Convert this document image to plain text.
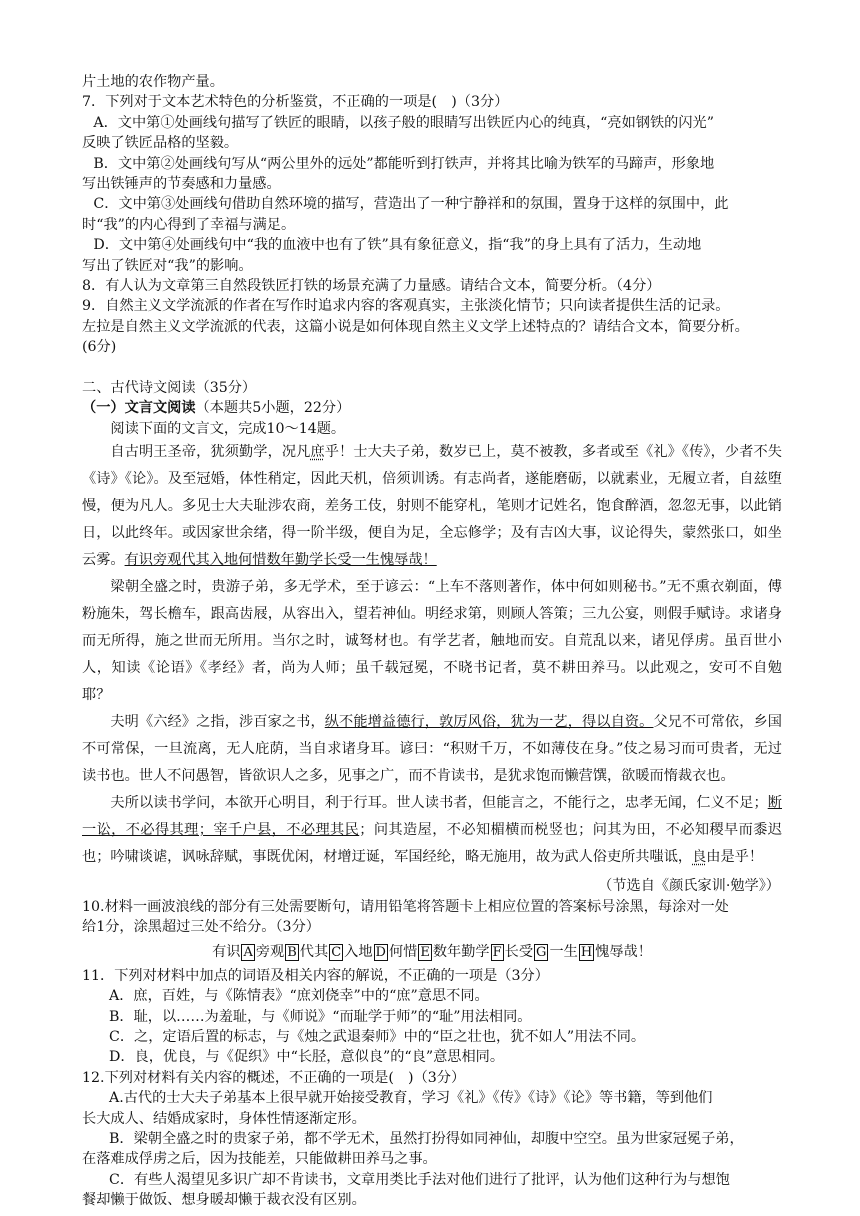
片土地的农作物产量。

7．下列对于文本艺术特色的分析鉴赏，不正确的一项是(　)（3分）

A．文中第①处画线句描写了铁匠的眼睛，以孩子般的眼睛写出铁匠内心的纯真，“亮如钢铁的闪光”

反映了铁匠品格的坚毅。

B．文中第②处画线句写从“两公里外的远处”都能听到打铁声，并将其比喻为铁军的马蹄声，形象地

写出铁锤声的节奏感和力量感。

C．文中第③处画线句借助自然环境的描写，营造出了一种宁静祥和的氛围，置身于这样的氛围中，此

时“我”的内心得到了幸福与满足。

D．文中第④处画线句中“我的血液中也有了铁”具有象征意义，指“我”的身上具有了活力，生动地

写出了铁匠对“我”的影响。

8．有人认为文章第三自然段铁匠打铁的场景充满了力量感。请结合文本，简要分析。（4分）

9．自然主义文学流派的作者在写作时追求内容的客观真实，主张淡化情节；只向读者提供生活的记录。

左拉是自然主义文学流派的代表，这篇小说是如何体现自然主义文学上述特点的？请结合文本，简要分析。

(6分)

二、古代诗文阅读（35分）

（一）文言文阅读（本题共5小题，22分）

阅读下面的文言文，完成10～14题。

自古明王圣帝，犹须勤学，况凡庶乎！士大夫子弟，数岁已上，莫不被教，多者或至《礼》《传》，少者不失《诗》《论》。及至冠婚，体性稍定，因此天机，倍须训诱。有志尚者，遂能磨砺，以就素业，无履立者，自兹堕慢，便为凡人。多见士大夫耻涉农商，差务工伎，射则不能穿札，笔则才记姓名，饱食醉酒，忽忽无事，以此销日，以此终年。或因家世余绪，得一阶半级，便自为足，全忘修学；及有吉凶大事，议论得失，蒙然张口，如坐云雾。有识旁观代其入地何惜数年勤学长受一生愧辱哉！

梁朝全盛之时，贵游子弟，多无学术，至于谚云：“上车不落则著作，体中何如则秘书。”无不熏衣剃面，傅粉施朱，驾长檐车，跟高齿屐，从容出入，望若神仙。明经求第，则顾人答策；三九公宴，则假手赋诗。求诸身而无所得，施之世而无所用。当尔之时，诚驽材也。有学艺者，触地而安。自荒乱以来，诸见俘虏。虽百世小人，知读《论语》《孝经》者，尚为人师；虽千载冠冕，不晓书记者，莫不耕田养马。以此观之，安可不自勉耶？

夫明《六经》之指，涉百家之书，纵不能增益德行，敦厉风俗，犹为一艺，得以自资。父兄不可常依，乡国不可常保，一旦流离，无人庇荫，当自求诸身耳。谚曰：“积财千万，不如薄伎在身。”伎之易习而可贵者，无过读书也。世人不问愚智，皆欲识人之多，见事之广，而不肯读书，是犹求饱而懒营馔，欲暖而惰裁衣也。

夫所以读书学问，本欲开心明目，利于行耳。世人读书者，但能言之，不能行之，忠孝无闻，仁义不足；断一讼，不必得其理；宰千户县，不必理其民；问其造屋，不必知楣横而棁竖也；问其为田，不必知稷早而黍迟也；吟啸谈谑，讽咏辞赋，事既优闲，材增迂诞，军国经纶，略无施用，故为武人俗吏所共嗤诋，良由是乎！

（节选自《颜氏家训·勉学》）

10.材料一画波浪线的部分有三处需要断句，请用铅笔将答题卡上相应位置的答案标号涂黑，每涂对一处

给1分，涂黑超过三处不给分。（3分）

有识 A 旁观 B 代其 C 入地 D 何惜 E 数年勤学 F 长受 G 一生 H 愧辱哉！

11．下列对材料中加点的词语及相关内容的解说，不正确的一项是（3分）

A．庶，百姓，与《陈情表》“庶刘侥幸”中的“庶”意思不同。

B．耻，以……为羞耻，与《师说》“而耻学于师”的“耻”用法相同。

C．之，定语后置的标志，与《烛之武退秦师》中的“臣之壮也，犹不如人”用法不同。

D．良，优良，与《促织》中“长胫，意似良”的“良”意思相同。

12.下列对材料有关内容的概述，不正确的一项是(　)（3分）

A.古代的士大夫子弟基本上很早就开始接受教育，学习《礼》《传》《诗》《论》等书籍，等到他们

长大成人、结婚成家时，身体性情逐渐定形。

B．梁朝全盛之时的贵家子弟，都不学无术，虽然打扮得如同神仙，却腹中空空。虽为世家冠冕子弟，

在落难成俘虏之后，因为技能差，只能做耕田养马之事。

C．有些人渴望见多识广却不肯读书，文章用类比手法对他们进行了批评，认为他们这种行为与想饱

餐却懒于做饭、想身暖却懒于裁衣没有区别。
